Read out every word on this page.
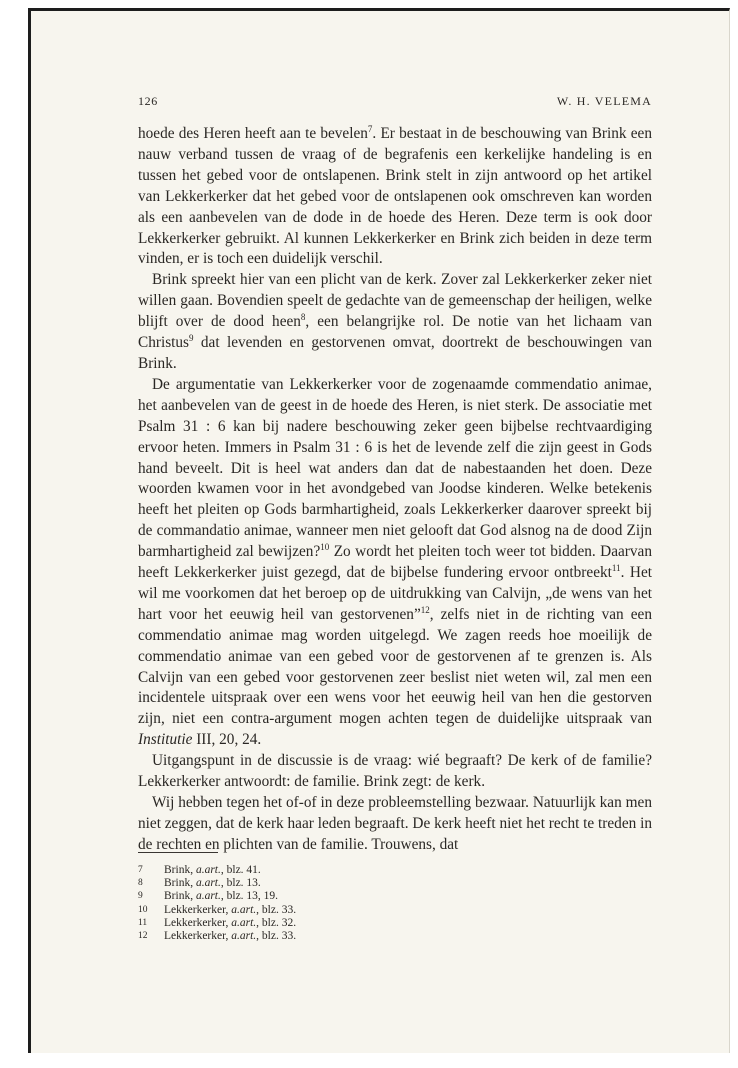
126	W. H. VELEMA

hoede des Heren heeft aan te bevelen$^7$. Er bestaat in de beschouwing van Brink een nauw verband tussen de vraag of de begrafenis een kerkelijke handeling is en tussen het gebed voor de ontslapenen. Brink stelt in zijn antwoord op het artikel van Lekkerkerker dat het gebed voor de ontslapenen ook omschreven kan worden als een aanbevelen van de dode in de hoede des Heren. Deze term is ook door Lekkerkerker gebruikt. Al kunnen Lekkerkerker en Brink zich beiden in deze term vinden, er is toch een duidelijk verschil.

Brink spreekt hier van een plicht van de kerk. Zover zal Lekkerkerker zeker niet willen gaan. Bovendien speelt de gedachte van de gemeenschap der heiligen, welke blijft over de dood heen$^8$, een belangrijke rol. De notie van het lichaam van Christus$^9$ dat levenden en gestorvenen omvat, doortrekt de beschouwingen van Brink.

De argumentatie van Lekkerkerker voor de zogenaamde commendatio animae, het aanbevelen van de geest in de hoede des Heren, is niet sterk. De associatie met Psalm 31 : 6 kan bij nadere beschouwing zeker geen bijbelse rechtvaardiging ervoor heten. Immers in Psalm 31 : 6 is het de levende zelf die zijn geest in Gods hand beveelt. Dit is heel wat anders dan dat de nabestaanden het doen. Deze woorden kwamen voor in het avondgebed van Joodse kinderen. Welke betekenis heeft het pleiten op Gods barmhartigheid, zoals Lekkerkerker daarover spreekt bij de commandatio animae, wanneer men niet gelooft dat God alsnog na de dood Zijn barmhartigheid zal bewijzen?$^{10}$ Zo wordt het pleiten toch weer tot bidden. Daarvan heeft Lekkerkerker juist gezegd, dat de bijbelse fundering ervoor ontbreekt$^{11}$. Het wil me voorkomen dat het beroep op de uitdrukking van Calvijn, „de wens van het hart voor het eeuwig heil van gestorvenen”$^{12}$, zelfs niet in de richting van een commendatio animae mag worden uitgelegd. We zagen reeds hoe moeilijk de commendatio animae van een gebed voor de gestorvenen af te grenzen is. Als Calvijn van een gebed voor gestorvenen zeer beslist niet weten wil, zal men een incidentele uitspraak over een wens voor het eeuwig heil van hen die gestorven zijn, niet een contra-argument mogen achten tegen de duidelijke uitspraak van Institutie III, 20, 24.

Uitgangspunt in de discussie is de vraag: wié begraaft? De kerk of de familie? Lekkerkerker antwoordt: de familie. Brink zegt: de kerk.

Wij hebben tegen het of-of in deze probleemstelling bezwaar. Natuurlijk kan men niet zeggen, dat de kerk haar leden begraaft. De kerk heeft niet het recht te treden in de rechten en plichten van de familie. Trouwens, dat

7	Brink, a.art., blz. 41.
8	Brink, a.art., blz. 13.
9	Brink, a.art., blz. 13, 19.
10	Lekkerkerker, a.art., blz. 33.
11	Lekkerkerker, a.art., blz. 32.
12	Lekkerkerker, a.art., blz. 33.
